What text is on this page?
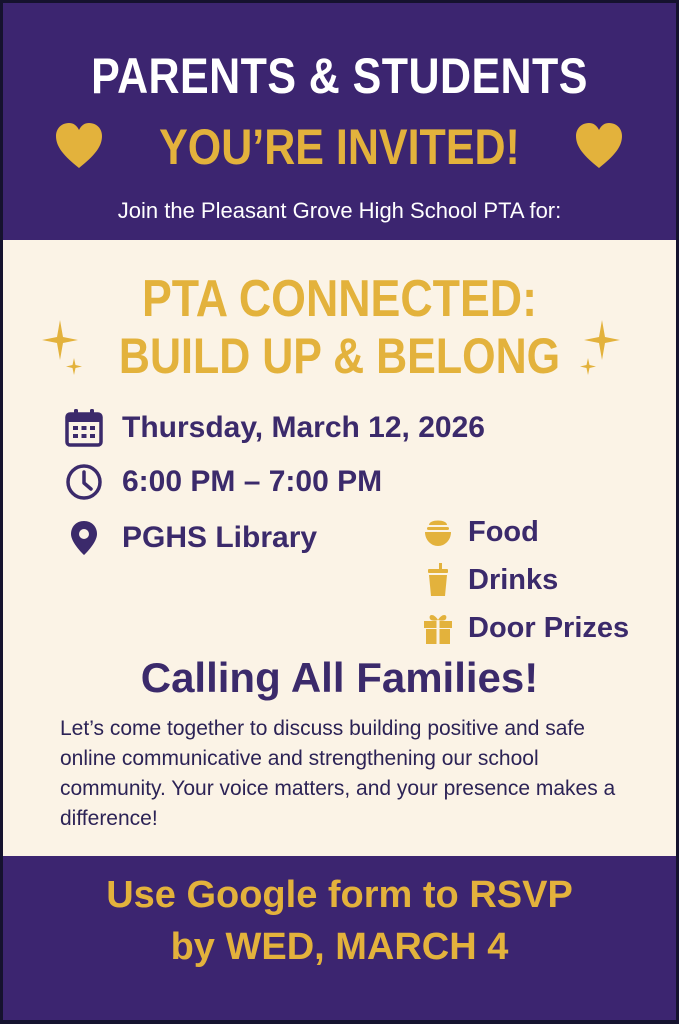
PARENTS & STUDENTS
YOU’RE INVITED!
Join the Pleasant Grove High School PTA for:
PTA CONNECTED:
BUILD UP & BELONG
Thursday, March 12, 2026
6:00 PM – 7:00 PM
PGHS Library	Food
Drinks
Door Prizes
Calling All Families!
Let’s come together to discuss building positive and safe online communicative and strengthening our school community. Your voice matters, and your presence makes a difference!
Use Google form to RSVP
by WED, MARCH 4
